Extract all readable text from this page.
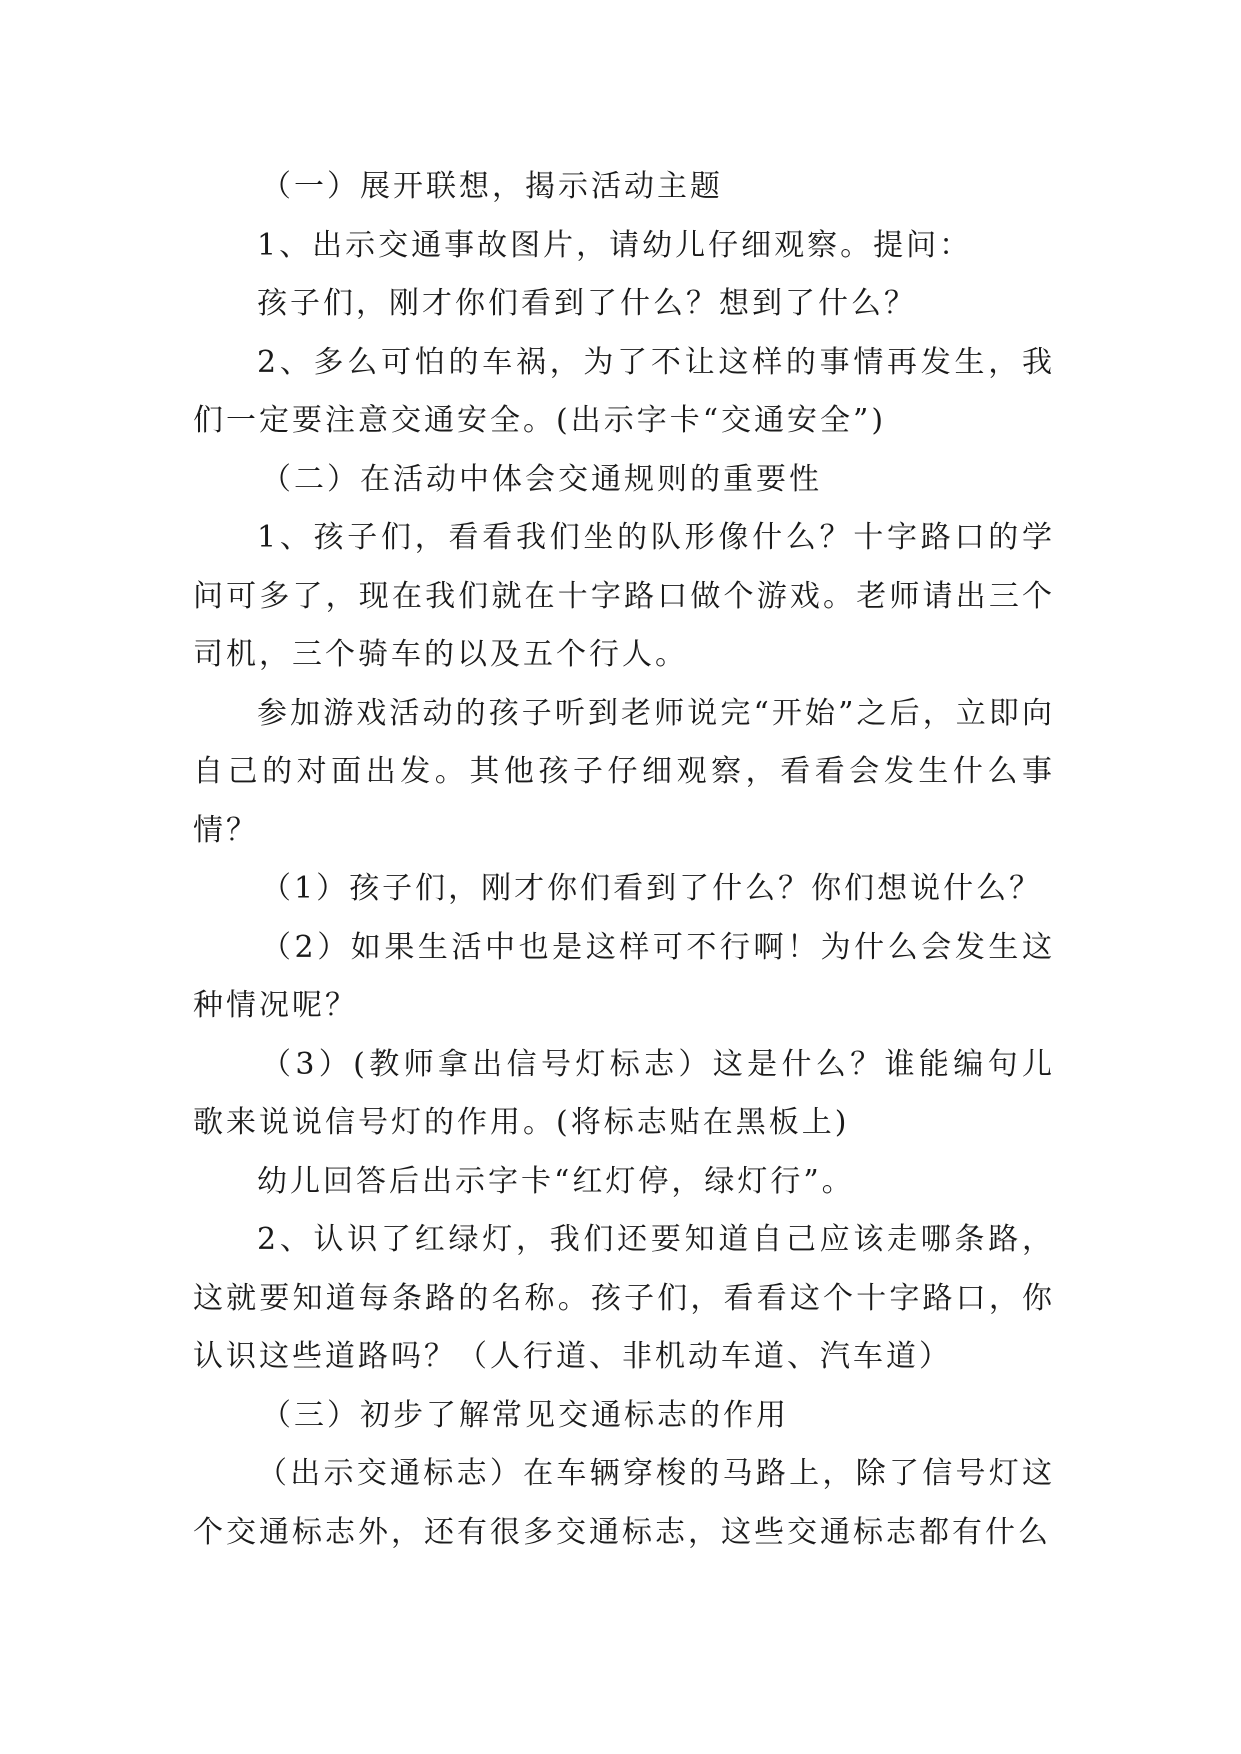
（一）展开联想，揭示活动主题

1、出示交通事故图片，请幼儿仔细观察。提问：

孩子们，刚才你们看到了什么？想到了什么？

2、多么可怕的车祸，为了不让这样的事情再发生，我们一定要注意交通安全。(出示字卡“交通安全”)

（二）在活动中体会交通规则的重要性

1、孩子们，看看我们坐的队形像什么？十字路口的学问可多了，现在我们就在十字路口做个游戏。老师请出三个司机，三个骑车的以及五个行人。

参加游戏活动的孩子听到老师说完“开始”之后，立即向自己的对面出发。其他孩子仔细观察，看看会发生什么事情？

（1）孩子们，刚才你们看到了什么？你们想说什么？

（2）如果生活中也是这样可不行啊！为什么会发生这种情况呢？

（3）(教师拿出信号灯标志）这是什么？谁能编句儿歌来说说信号灯的作用。(将标志贴在黑板上)

幼儿回答后出示字卡“红灯停，绿灯行”。

2、认识了红绿灯，我们还要知道自己应该走哪条路，这就要知道每条路的名称。孩子们，看看这个十字路口，你认识这些道路吗？（人行道、非机动车道、汽车道）

（三）初步了解常见交通标志的作用

（出示交通标志）在车辆穿梭的马路上，除了信号灯这个交通标志外，还有很多交通标志，这些交通标志都有什么
